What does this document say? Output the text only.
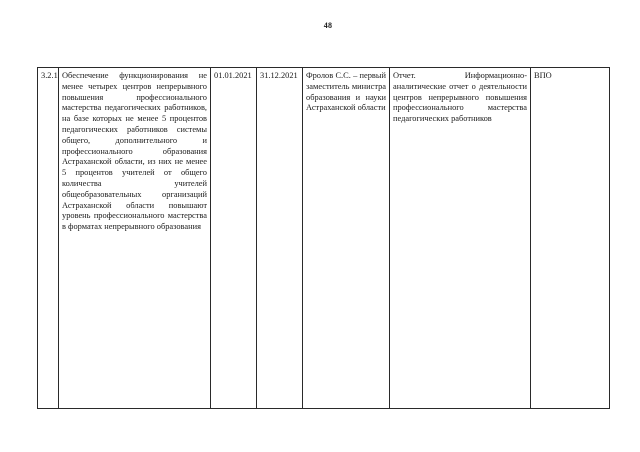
48
3.2.1	Обеспечение функционирования не менее четырех центров непрерывного повышения профессионального мастерства педагогических работников, на базе которых не менее 5 процентов педагогических работников системы общего, дополнительного и профессионального образования Астраханской области, из них не менее 5 процентов учителей от общего количества учителей общеобразовательных организаций Астраханской области повышают уровень профессионального мастерства в форматах непрерывного образования	01.01.2021	31.12.2021	Фролов С.С. – первый заместитель министра образования и науки Астраханской области	Отчет. Информационно-аналитические отчет о деятельности центров непрерывного повышения профессионального мастерства педагогических работников	ВПО
